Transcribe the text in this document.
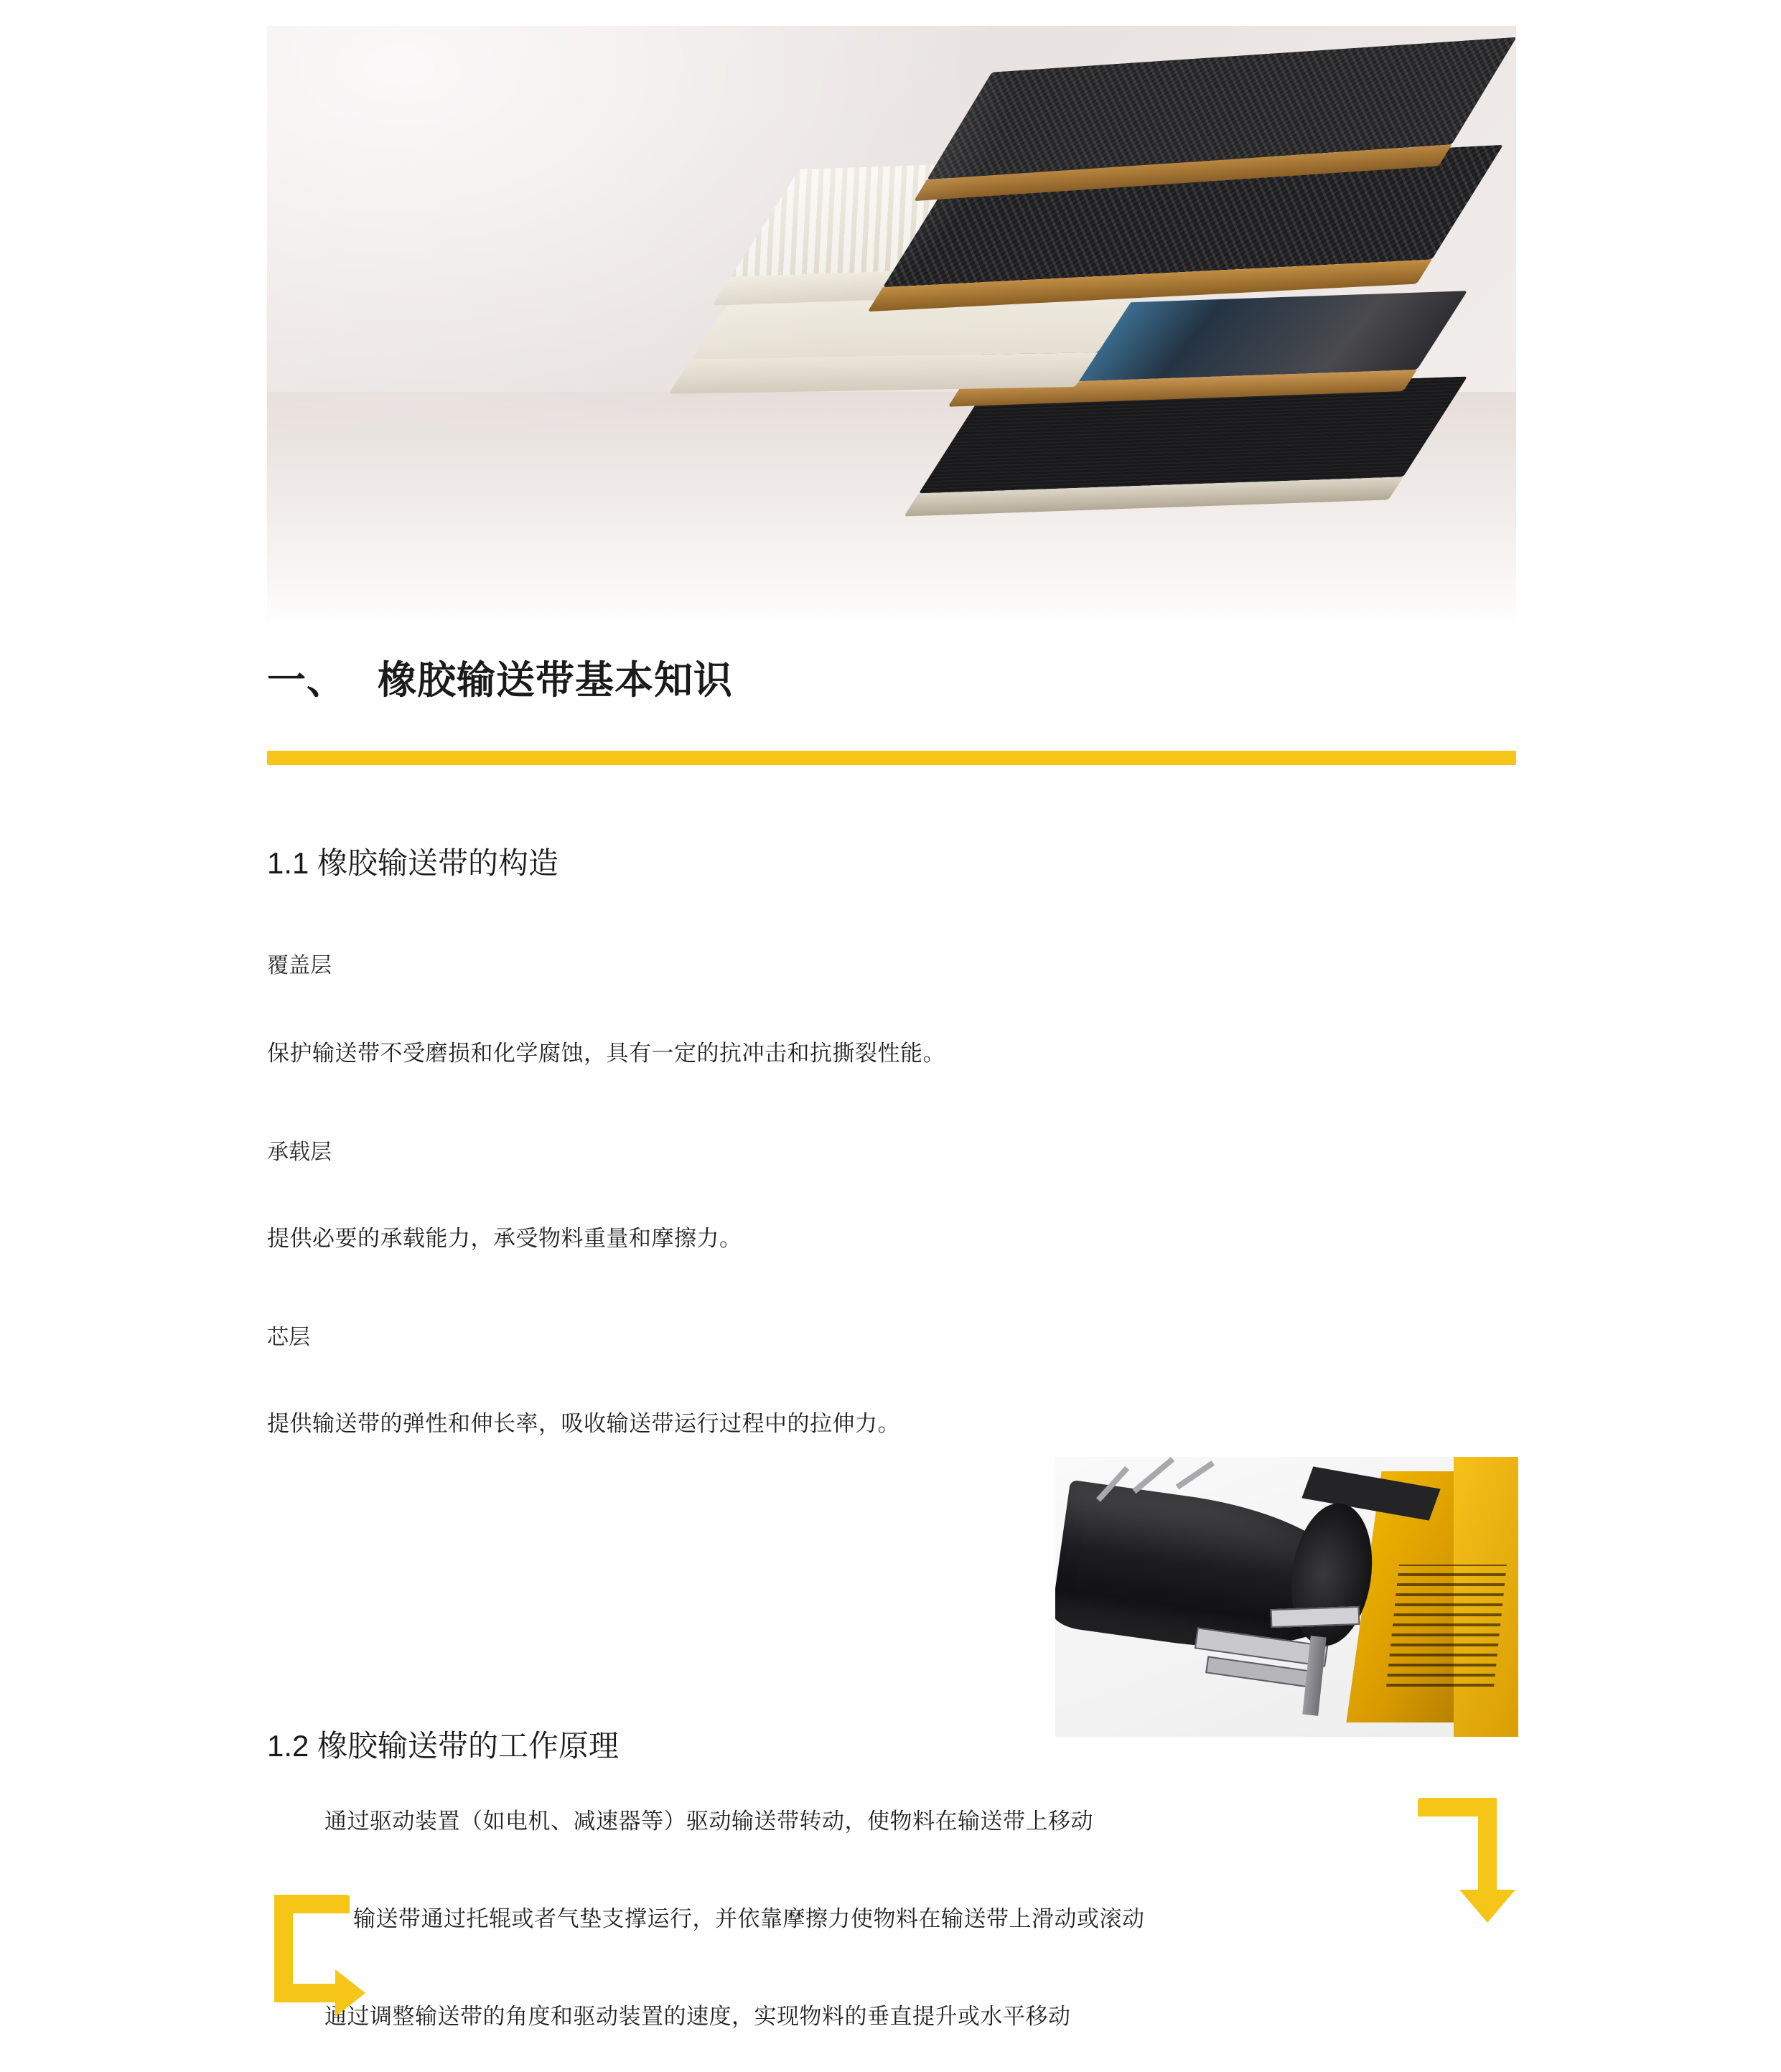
一、 橡胶输送带基本知识
1.1 橡胶输送带的构造
覆盖层
保护输送带不受磨损和化学腐蚀，具有一定的抗冲击和抗撕裂性能。
承载层
提供必要的承载能力，承受物料重量和摩擦力。
芯层
提供输送带的弹性和伸长率，吸收输送带运行过程中的拉伸力。
1.2 橡胶输送带的工作原理
通过驱动装置（如电机、减速器等）驱动输送带转动，使物料在输送带上移动
输送带通过托辊或者气垫支撑运行，并依靠摩擦力使物料在输送带上滑动或滚动
通过调整输送带的角度和驱动装置的速度，实现物料的垂直提升或水平移动
